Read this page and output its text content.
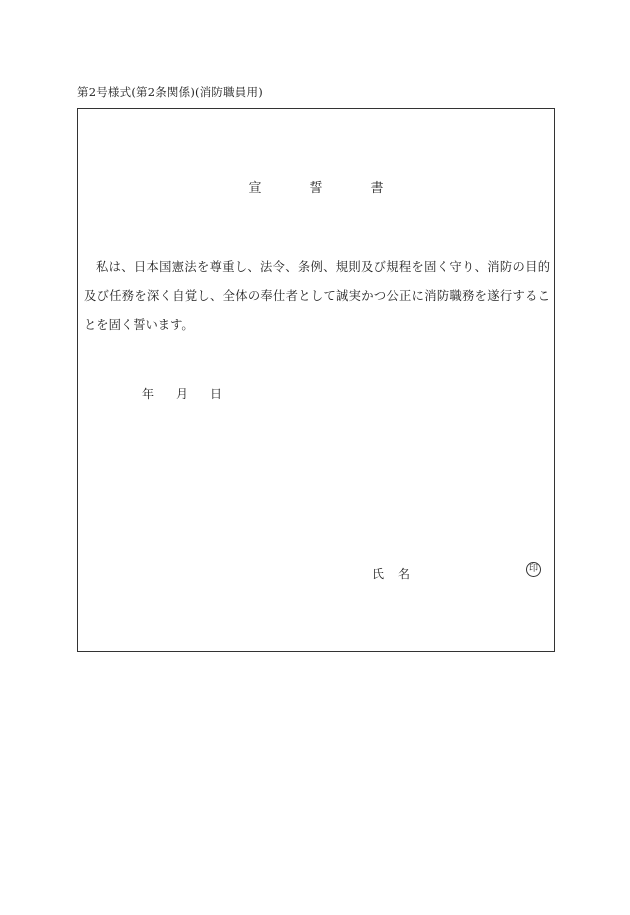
第2号様式(第2条関係)(消防職員用)
宣	誓	書
私は、日本国憲法を尊重し、法令、条例、規則及び規程を固く守り、消防の目的及び任務を深く自覚し、全体の奉仕者として誠実かつ公正に消防職務を遂行することを固く誓います。
年 月 日
氏 名	印
